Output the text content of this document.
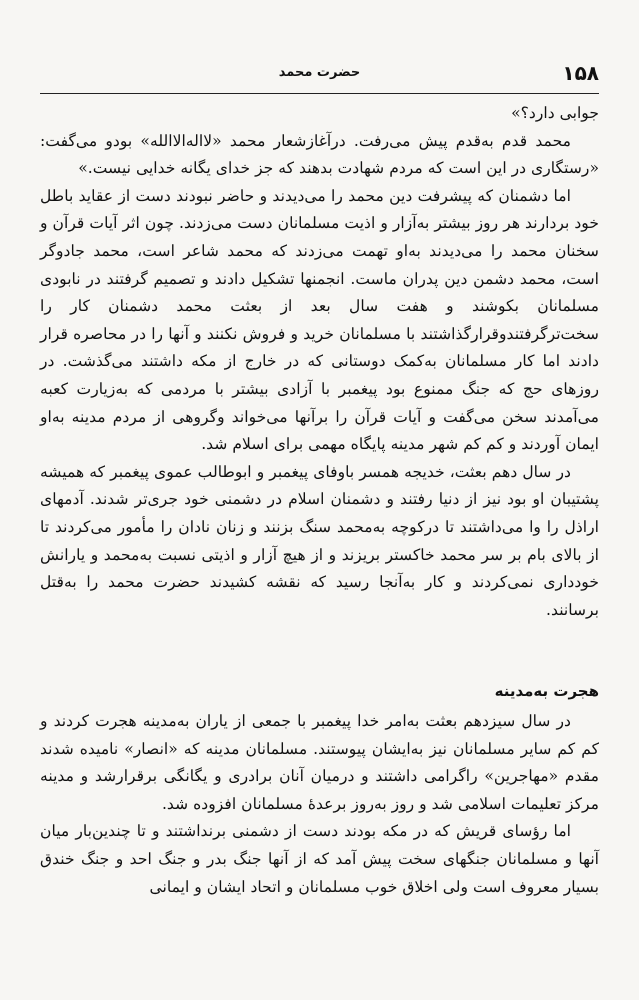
۱۵۸
حضرت محمد

جوابی دارد؟»

محمد قدم به‌قدم پیش می‌رفت. درآغازشعار محمد «لااله‌الاالله» بودو می‌گفت: «رستگاری در این است که مردم شهادت بدهند که جز خدای یگانه خدایی نیست.»

اما دشمنان که پیشرفت دین محمد را می‌دیدند و حاضر نبودند دست از عقاید باطل خود بردارند هر روز بیشتر به‌آزار و اذیت مسلمانان دست می‌زدند. چون اثر آیات قرآن و سخنان محمد را می‌دیدند به‌او تهمت می‌زدند که محمد شاعر است، محمد جادوگر است، محمد دشمن دین پدران ماست. انجمنها تشکیل دادند و تصمیم گرفتند در نابودی مسلمانان بکوشند و هفت سال بعد از بعثت محمد دشمنان کار را سخت‌ترگرفتندوقرارگذاشتند با مسلمانان خرید و فروش نکنند و آنها را در محاصره قرار دادند اما کار مسلمانان به‌کمک دوستانی که در خارج از مکه داشتند می‌گذشت. در روزهای حج که جنگ ممنوع بود پیغمبر با آزادی بیشتر با مردمی که به‌زیارت کعبه می‌آمدند سخن می‌گفت و آیات قرآن را برآنها می‌خواند وگروهی از مردم مدینه به‌او ایمان آوردند و کم کم شهر مدینه پایگاه مهمی برای اسلام شد.

در سال دهم بعثت، خدیجه همسر باوفای پیغمبر و ابوطالب عموی پیغمبر که همیشه پشتیبان او بود نیز از دنیا رفتند و دشمنان اسلام در دشمنی خود جری‌تر شدند. آدمهای اراذل را وا می‌داشتند تا درکوچه به‌محمد سنگ بزنند و زنان نادان را مأمور می‌کردند تا از بالای بام بر سر محمد خاکستر بریزند و از هیچ آزار و اذیتی نسبت به‌محمد و یارانش خودداری نمی‌کردند و کار به‌آنجا رسید که نقشه کشیدند حضرت محمد را به‌قتل برسانند.

هجرت به‌مدینه

در سال سیزدهم بعثت به‌امر خدا پیغمبر با جمعی از یاران به‌مدینه هجرت کردند و کم کم سایر مسلمانان نیز به‌ایشان پیوستند. مسلمانان مدینه که «انصار» نامیده شدند مقدم «مهاجرین» راگرامی داشتند و درمیان آنان برادری و یگانگی برقرارشد و مدینه مرکز تعلیمات اسلامی شد و روز به‌روز برعدهٔ مسلمانان افزوده شد.

اما رؤسای قریش که در مکه بودند دست از دشمنی برنداشتند و تا چندین‌بار میان آنها و مسلمانان جنگهای سخت پیش آمد که از آنها جنگ بدر و جنگ احد و جنگ خندق بسیار معروف است ولی اخلاق خوب مسلمانان و اتحاد ایشان و ایمانی
